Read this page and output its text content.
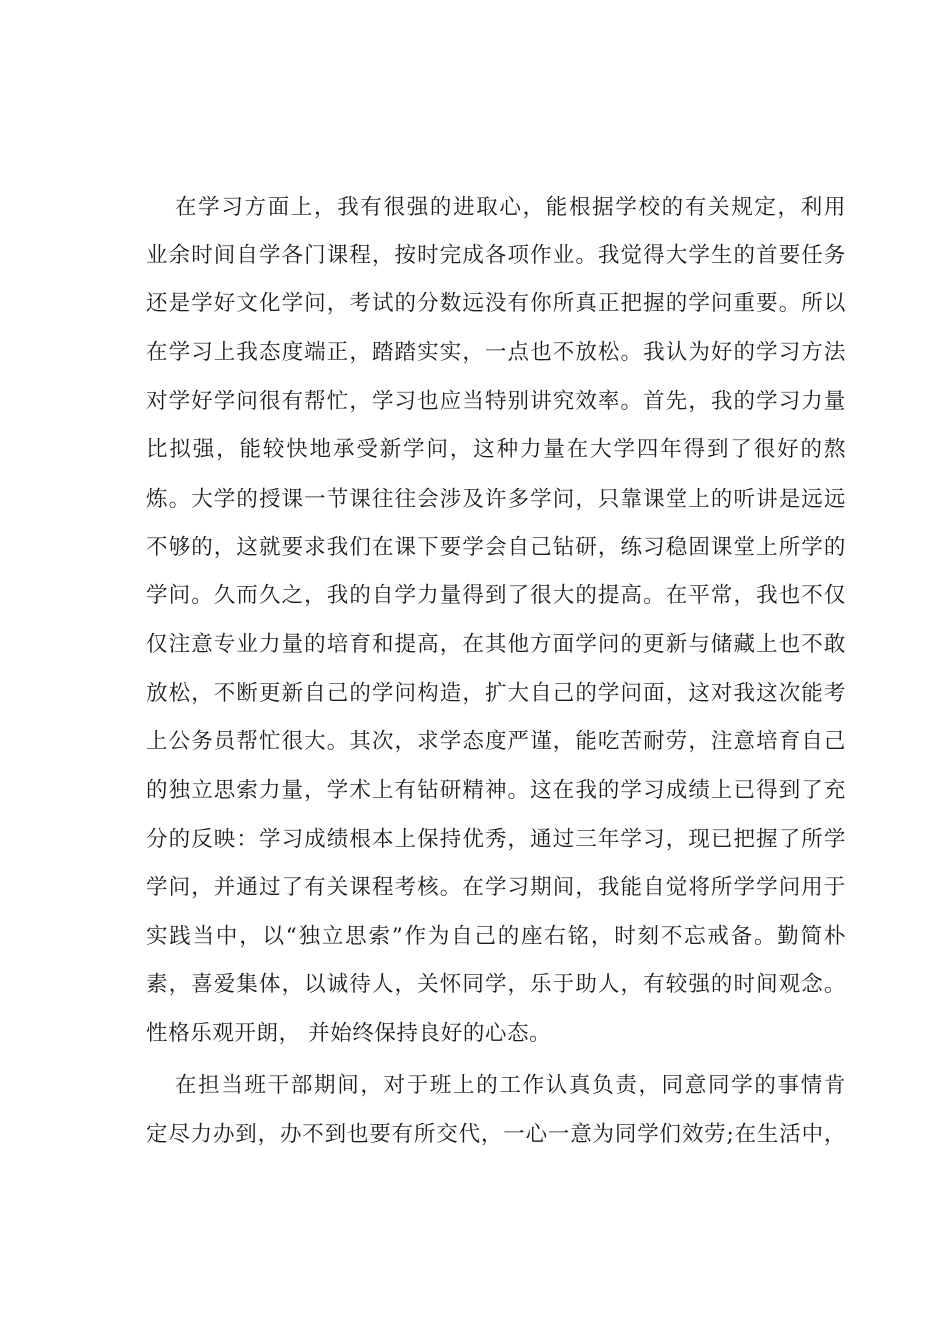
在学习方面上，我有很强的进取心，能根据学校的有关规定，利用
业余时间自学各门课程，按时完成各项作业。我觉得大学生的首要任务
还是学好文化学问，考试的分数远没有你所真正把握的学问重要。所以
在学习上我态度端正，踏踏实实，一点也不放松。我认为好的学习方法
对学好学问很有帮忙，学习也应当特别讲究效率。首先，我的学习力量
比拟强，能较快地承受新学问，这种力量在大学四年得到了很好的熬
炼。大学的授课一节课往往会涉及许多学问，只靠课堂上的听讲是远远
不够的，这就要求我们在课下要学会自己钻研，练习稳固课堂上所学的
学问。久而久之，我的自学力量得到了很大的提高。在平常，我也不仅
仅注意专业力量的培育和提高，在其他方面学问的更新与储藏上也不敢
放松，不断更新自己的学问构造，扩大自己的学问面，这对我这次能考
上公务员帮忙很大。其次，求学态度严谨，能吃苦耐劳，注意培育自己
的独立思索力量，学术上有钻研精神。这在我的学习成绩上已得到了充
分的反映：学习成绩根本上保持优秀，通过三年学习，现已把握了所学
学问，并通过了有关课程考核。在学习期间，我能自觉将所学学问用于
实践当中，以“独立思索”作为自己的座右铭，时刻不忘戒备。勤简朴
素，喜爱集体，以诚待人，关怀同学，乐于助人，有较强的时间观念。
性格乐观开朗， 并始终保持良好的心态。
在担当班干部期间，对于班上的工作认真负责，同意同学的事情肯
定尽力办到，办不到也要有所交代，一心一意为同学们效劳;在生活中，
